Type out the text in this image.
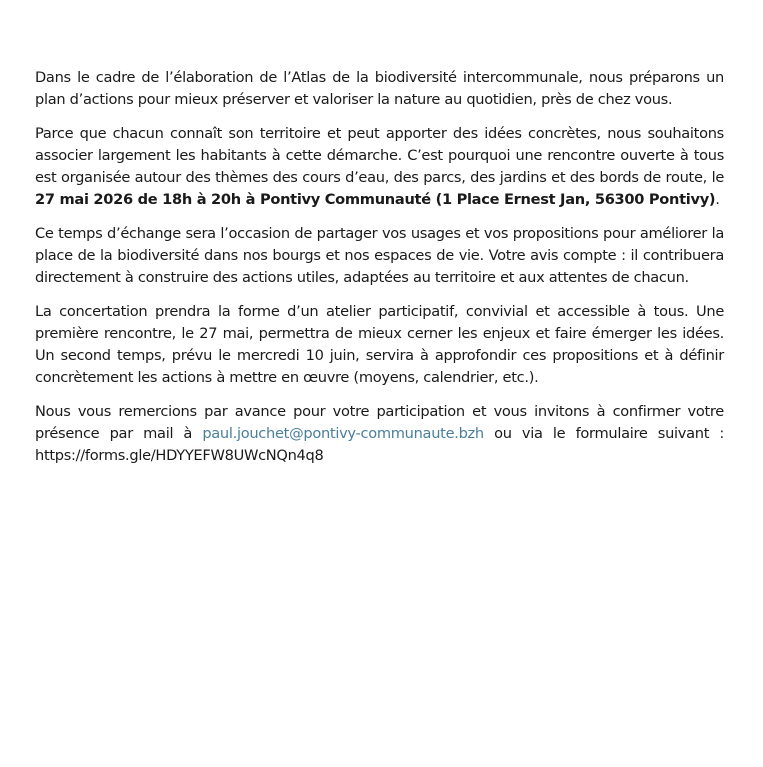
Dans le cadre de l’élaboration de l’Atlas de la biodiversité intercommunale, nous préparons un plan d’actions pour mieux préserver et valoriser la nature au quotidien, près de chez vous.

Parce que chacun connaît son territoire et peut apporter des idées concrètes, nous souhaitons associer largement les habitants à cette démarche. C’est pourquoi une rencontre ouverte à tous est organisée autour des thèmes des cours d’eau, des parcs, des jardins et des bords de route, le 27 mai 2026 de 18h à 20h à Pontivy Communauté (1 Place Ernest Jan, 56300 Pontivy).

Ce temps d’échange sera l’occasion de partager vos usages et vos propositions pour améliorer la place de la biodiversité dans nos bourgs et nos espaces de vie. Votre avis compte : il contribuera directement à construire des actions utiles, adaptées au territoire et aux attentes de chacun.

La concertation prendra la forme d’un atelier participatif, convivial et accessible à tous. Une première rencontre, le 27 mai, permettra de mieux cerner les enjeux et faire émerger les idées. Un second temps, prévu le mercredi 10 juin, servira à approfondir ces propositions et à définir concrètement les actions à mettre en œuvre (moyens, calendrier, etc.).

Nous vous remercions par avance pour votre participation et vous invitons à confirmer votre présence par mail à paul.jouchet@pontivy-communaute.bzh ou via le formulaire suivant : https://forms.gle/HDYYEFW8UWcNQn4q8
